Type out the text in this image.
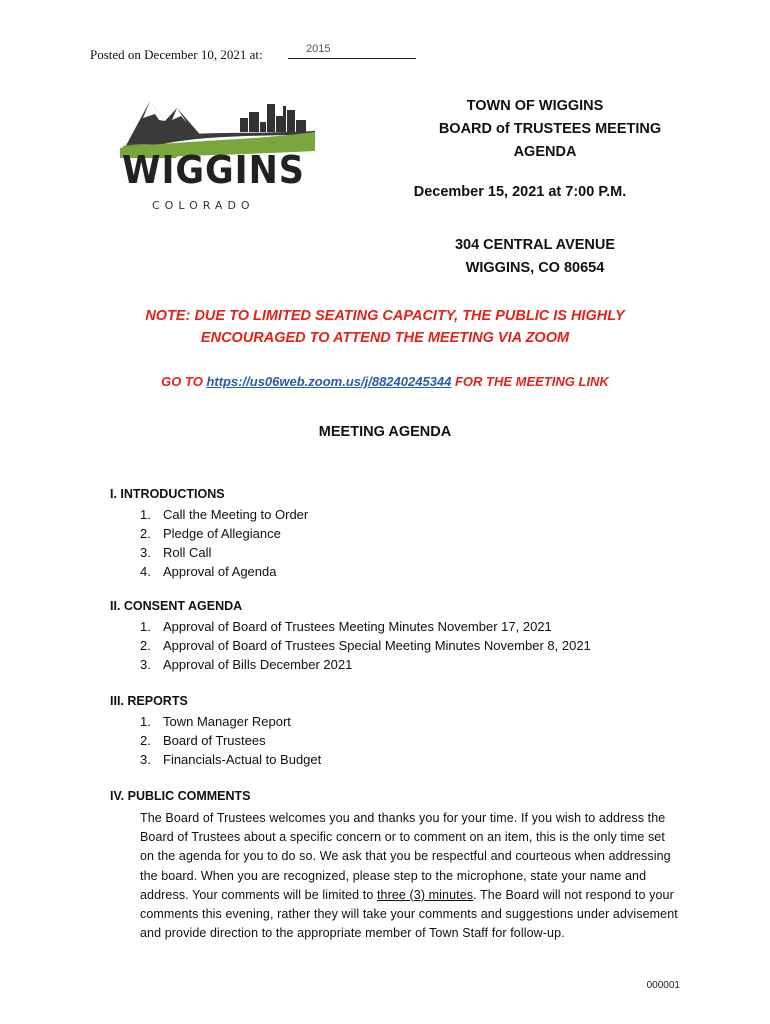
Posted on December 10, 2021 at:	2015
WIGGINS
COLORADO
TOWN OF WIGGINS
BOARD of TRUSTEES MEETING
AGENDA
December 15, 2021 at 7:00 P.M.
304 CENTRAL AVENUE
WIGGINS, CO 80654
NOTE: DUE TO LIMITED SEATING CAPACITY, THE PUBLIC IS HIGHLY
ENCOURAGED TO ATTEND THE MEETING VIA ZOOM
GO TO https://us06web.zoom.us/j/88240245344 FOR THE MEETING LINK
MEETING AGENDA
I. INTRODUCTIONS
1. Call the Meeting to Order
2. Pledge of Allegiance
3. Roll Call
4. Approval of Agenda
II. CONSENT AGENDA
1. Approval of Board of Trustees Meeting Minutes November 17, 2021
2. Approval of Board of Trustees Special Meeting Minutes November 8, 2021
3. Approval of Bills December 2021
III. REPORTS
1. Town Manager Report
2. Board of Trustees
3. Financials-Actual to Budget
IV. PUBLIC COMMENTS
The Board of Trustees welcomes you and thanks you for your time. If you wish to address the Board of Trustees about a specific concern or to comment on an item, this is the only time set on the agenda for you to do so. We ask that you be respectful and courteous when addressing the board. When you are recognized, please step to the microphone, state your name and address. Your comments will be limited to three (3) minutes. The Board will not respond to your comments this evening, rather they will take your comments and suggestions under advisement and provide direction to the appropriate member of Town Staff for follow-up.
000001
